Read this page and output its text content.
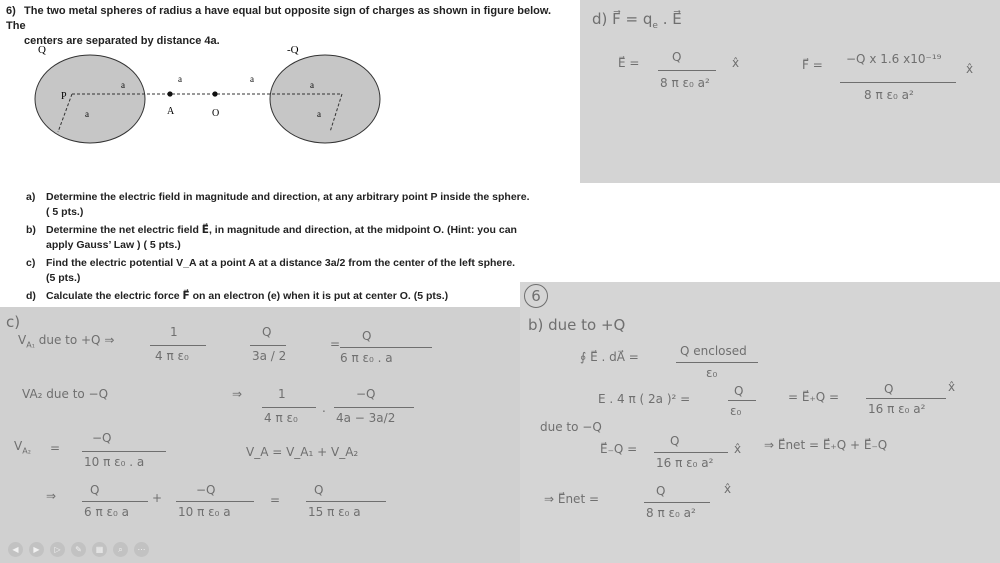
6) The two metal spheres of radius a have equal but opposite sign of charges as shown in figure below. The
centers are separated by distance 4a.
Q	-Q
P
A	O
a
a	a
a
a	a
a) Determine the electric field in magnitude and direction, at any arbitrary point P inside the sphere.
( 5 pts.)
b) Determine the net electric field E⃗, in magnitude and direction, at the midpoint O. (Hint: you can
apply Gauss’ Law ) ( 5 pts.)
c) Find the electric potential V_A at a point A at a distance 3a/2 from the center of the left sphere.
(5 pts.)
d) Calculate the electric force F⃗ on an electron (e) when it is put at center O. (5 pts.)
d) F⃗ = $q_e$ . E⃗
E⃗ =	Q
8 π ε₀ a²
x̂	F⃗ = −Q x 1.6 x10⁻¹⁹
8 π ε₀ a²
x̂
c)
$V_{A_1}$ due to +Q ⇒
1
4 π ε₀
Q
3a / 2
=
Q
6 π ε₀ . a
VA₂ due to −Q	⇒	1
4 π ε₀
.
−Q
4a − 3a/2
$V_{A_2}$ =
−Q
10 π ε₀ . a
V_A = V_A₁ + V_A₂
⇒	Q
6 π ε₀ a
+
−Q
10 π ε₀ a
=
Q
15 π ε₀ a
◀	▶	▷	✎	▦	⌕	⋯
6
b) due to +Q
∮ E⃗ . dA⃗ =	Q enclosed
ε₀
E . 4 π ( 2a )² =
Q
ε₀
= E⃗₊Q =
Q
16 π ε₀ a²
x̂
due to −Q
E⃗₋Q =
Q
16 π ε₀ a²
x̂ ⇒ E⃗net = E⃗₊Q + E⃗₋Q
⇒ E⃗net =
Q
8 π ε₀ a²
x̂
